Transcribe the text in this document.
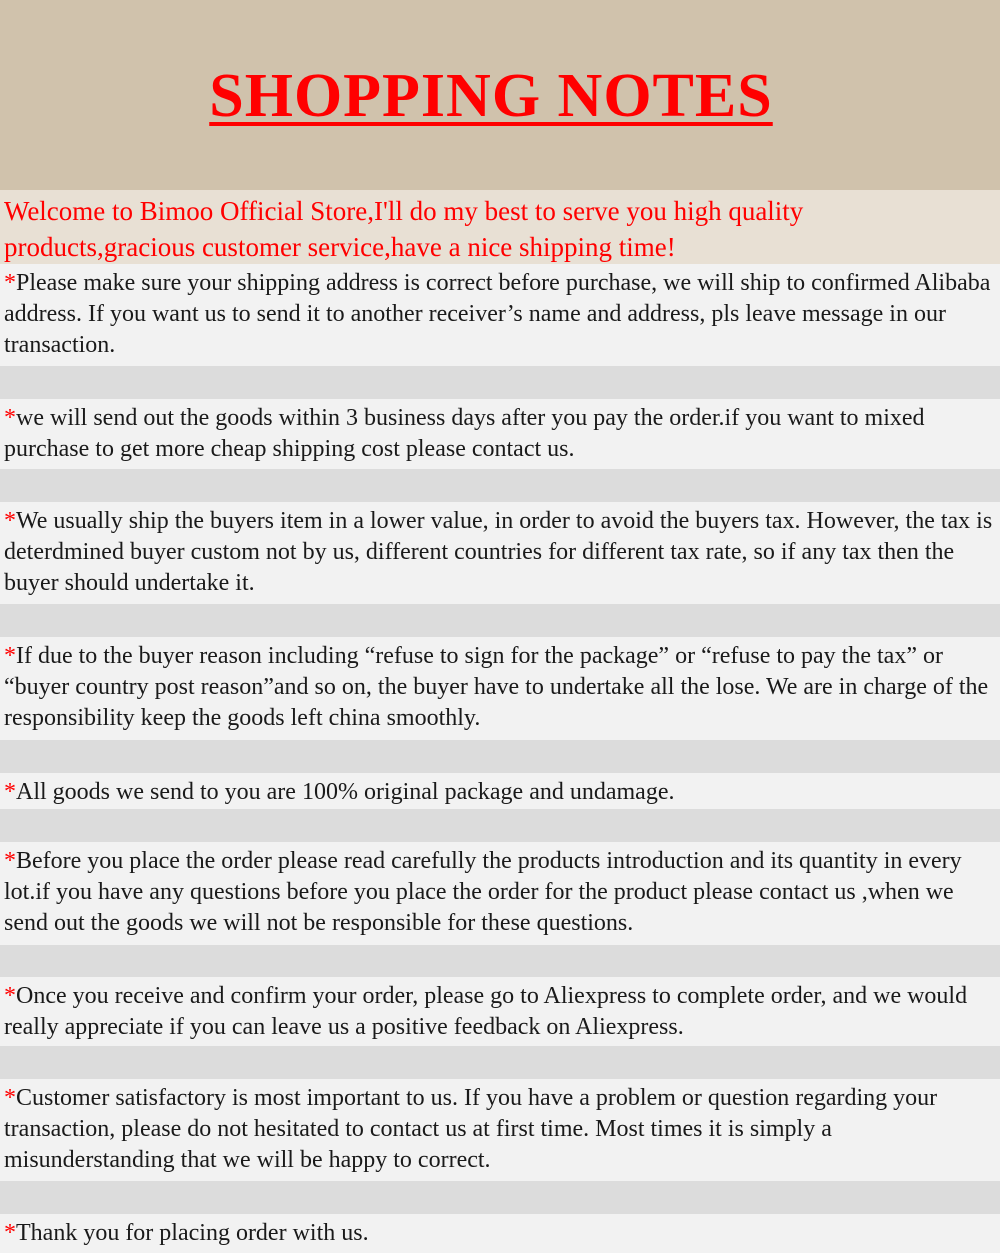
SHOPPING NOTES

Welcome to Bimoo Official Store,I'll do my best to serve you high quality products,gracious customer service,have a nice shipping time!

*Please make sure your shipping address is correct before purchase, we will ship to confirmed Alibaba address. If you want us to send it to another receiver’s name and address, pls leave message in our transaction.

*we will send out the goods within 3 business days after you pay the order.if you want to mixed purchase to get more cheap shipping cost please contact us.

*We usually ship the buyers item in a lower value, in order to avoid the buyers tax. However, the tax is deterdmined buyer custom not by us, different countries for different tax rate, so if any tax then the buyer should undertake it.

*If due to the buyer reason including “refuse to sign for the package” or “refuse to pay the tax” or “buyer country post reason”and so on, the buyer have to undertake all the lose. We are in charge of the responsibility keep the goods left china smoothly.

*All goods we send to you are 100% original package and undamage.

*Before you place the order please read carefully the products introduction and its quantity in every lot.if you have any questions before you place the order for the product please contact us ,when we send out the goods we will not be responsible for these questions.

*Once you receive and confirm your order, please go to Aliexpress to complete order, and we would really appreciate if you can leave us a positive feedback on Aliexpress.

*Customer satisfactory is most important to us. If you have a problem or question regarding your transaction, please do not hesitated to contact us at first time. Most times it is simply a misunderstanding that we will be happy to correct.

*Thank you for placing order with us.
